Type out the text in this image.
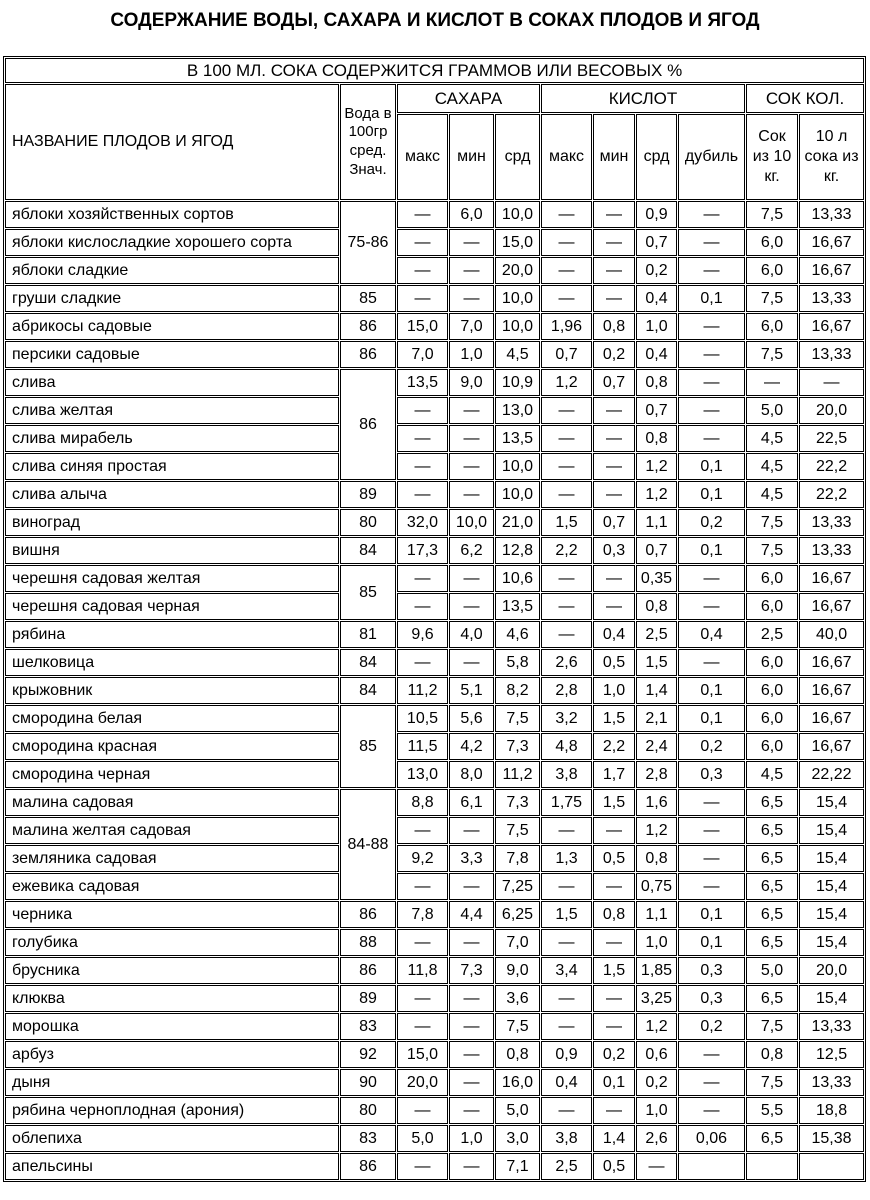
СОДЕРЖАНИЕ ВОДЫ, САХАРА И КИСЛОТ В СОКАХ ПЛОДОВ И ЯГОД
В 100 МЛ. СОКА СОДЕРЖИТСЯ ГРАММОВ ИЛИ ВЕСОВЫХ %										
НАЗВАНИЕ ПЛОДОВ И ЯГОД	Вода в 100гр сред. Знач.	САХАРА			КИСЛОТ				СОК КОЛ.	
		макс	мин	срд	макс	мин	срд	дубиль	Сок из 10 кг.	10 л сока из кг.
яблоки хозяйственных сортов	75-86	—	6,0	10,0	—	—	0,9	—	7,5	13,33
яблоки кислосладкие хорошего сорта		—	—	15,0	—	—	0,7	—	6,0	16,67
яблоки сладкие		—	—	20,0	—	—	0,2	—	6,0	16,67
груши сладкие	85	—	—	10,0	—	—	0,4	0,1	7,5	13,33
абрикосы садовые	86	15,0	7,0	10,0	1,96	0,8	1,0	—	6,0	16,67
персики садовые	86	7,0	1,0	4,5	0,7	0,2	0,4	—	7,5	13,33
слива	86	13,5	9,0	10,9	1,2	0,7	0,8	—	—	—
слива желтая		—	—	13,0	—	—	0,7	—	5,0	20,0
слива мирабель		—	—	13,5	—	—	0,8	—	4,5	22,5
слива синяя простая		—	—	10,0	—	—	1,2	0,1	4,5	22,2
слива алыча	89	—	—	10,0	—	—	1,2	0,1	4,5	22,2
виноград	80	32,0	10,0	21,0	1,5	0,7	1,1	0,2	7,5	13,33
вишня	84	17,3	6,2	12,8	2,2	0,3	0,7	0,1	7,5	13,33
черешня садовая желтая	85	—	—	10,6	—	—	0,35	—	6,0	16,67
черешня садовая черная		—	—	13,5	—	—	0,8	—	6,0	16,67
рябина	81	9,6	4,0	4,6	—	0,4	2,5	0,4	2,5	40,0
шелковица	84	—	—	5,8	2,6	0,5	1,5	—	6,0	16,67
крыжовник	84	11,2	5,1	8,2	2,8	1,0	1,4	0,1	6,0	16,67
смородина белая	85	10,5	5,6	7,5	3,2	1,5	2,1	0,1	6,0	16,67
смородина красная		11,5	4,2	7,3	4,8	2,2	2,4	0,2	6,0	16,67
смородина черная		13,0	8,0	11,2	3,8	1,7	2,8	0,3	4,5	22,22
малина садовая	84-88	8,8	6,1	7,3	1,75	1,5	1,6	—	6,5	15,4
малина желтая садовая		—	—	7,5	—	—	1,2	—	6,5	15,4
земляника садовая		9,2	3,3	7,8	1,3	0,5	0,8	—	6,5	15,4
ежевика садовая		—	—	7,25	—	—	0,75	—	6,5	15,4
черника	86	7,8	4,4	6,25	1,5	0,8	1,1	0,1	6,5	15,4
голубика	88	—	—	7,0	—	—	1,0	0,1	6,5	15,4
брусника	86	11,8	7,3	9,0	3,4	1,5	1,85	0,3	5,0	20,0
клюква	89	—	—	3,6	—	—	3,25	0,3	6,5	15,4
морошка	83	—	—	7,5	—	—	1,2	0,2	7,5	13,33
арбуз	92	15,0	—	0,8	0,9	0,2	0,6	—	0,8	12,5
дыня	90	20,0	—	16,0	0,4	0,1	0,2	—	7,5	13,33
рябина черноплодная (арония)	80	—	—	5,0	—	—	1,0	—	5,5	18,8
облепиха	83	5,0	1,0	3,0	3,8	1,4	2,6	0,06	6,5	15,38
апельсины	86	—	—	7,1	2,5	0,5	—			
